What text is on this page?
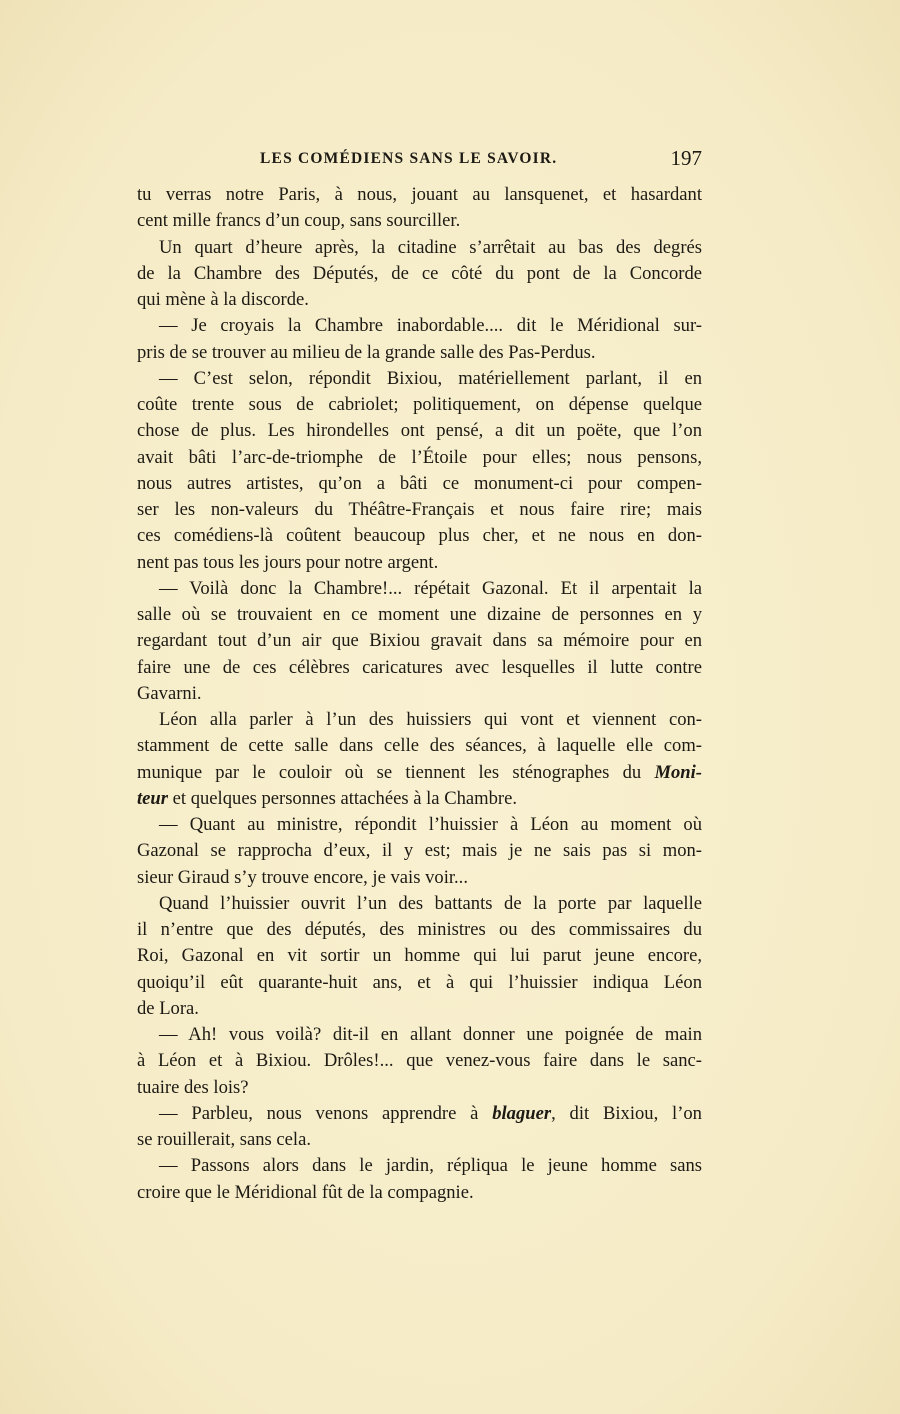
LES COMÉDIENS SANS LE SAVOIR.	197
tu verras notre Paris, à nous, jouant au lansquenet, et hasardant
cent mille francs d’un coup, sans sourciller.
Un quart d’heure après, la citadine s’arrêtait au bas des degrés
de la Chambre des Députés, de ce côté du pont de la Concorde
qui mène à la discorde.
— Je croyais la Chambre inabordable.... dit le Méridional sur-
pris de se trouver au milieu de la grande salle des Pas-Perdus.
— C’est selon, répondit Bixiou, matériellement parlant, il en
coûte trente sous de cabriolet; politiquement, on dépense quelque
chose de plus. Les hirondelles ont pensé, a dit un poëte, que l’on
avait bâti l’arc-de-triomphe de l’Étoile pour elles; nous pensons,
nous autres artistes, qu’on a bâti ce monument-ci pour compen-
ser les non-valeurs du Théâtre-Français et nous faire rire; mais
ces comédiens-là coûtent beaucoup plus cher, et ne nous en don-
nent pas tous les jours pour notre argent.
— Voilà donc la Chambre!... répétait Gazonal. Et il arpentait la
salle où se trouvaient en ce moment une dizaine de personnes en y
regardant tout d’un air que Bixiou gravait dans sa mémoire pour en
faire une de ces célèbres caricatures avec lesquelles il lutte contre
Gavarni.
Léon alla parler à l’un des huissiers qui vont et viennent con-
stamment de cette salle dans celle des séances, à laquelle elle com-
munique par le couloir où se tiennent les sténographes du Moni-
teur et quelques personnes attachées à la Chambre.
— Quant au ministre, répondit l’huissier à Léon au moment où
Gazonal se rapprocha d’eux, il y est; mais je ne sais pas si mon-
sieur Giraud s’y trouve encore, je vais voir...
Quand l’huissier ouvrit l’un des battants de la porte par laquelle
il n’entre que des députés, des ministres ou des commissaires du
Roi, Gazonal en vit sortir un homme qui lui parut jeune encore,
quoiqu’il eût quarante-huit ans, et à qui l’huissier indiqua Léon
de Lora.
— Ah! vous voilà? dit-il en allant donner une poignée de main
à Léon et à Bixiou. Drôles!... que venez-vous faire dans le sanc-
tuaire des lois?
— Parbleu, nous venons apprendre à blaguer, dit Bixiou, l’on
se rouillerait, sans cela.
— Passons alors dans le jardin, répliqua le jeune homme sans
croire que le Méridional fût de la compagnie.
